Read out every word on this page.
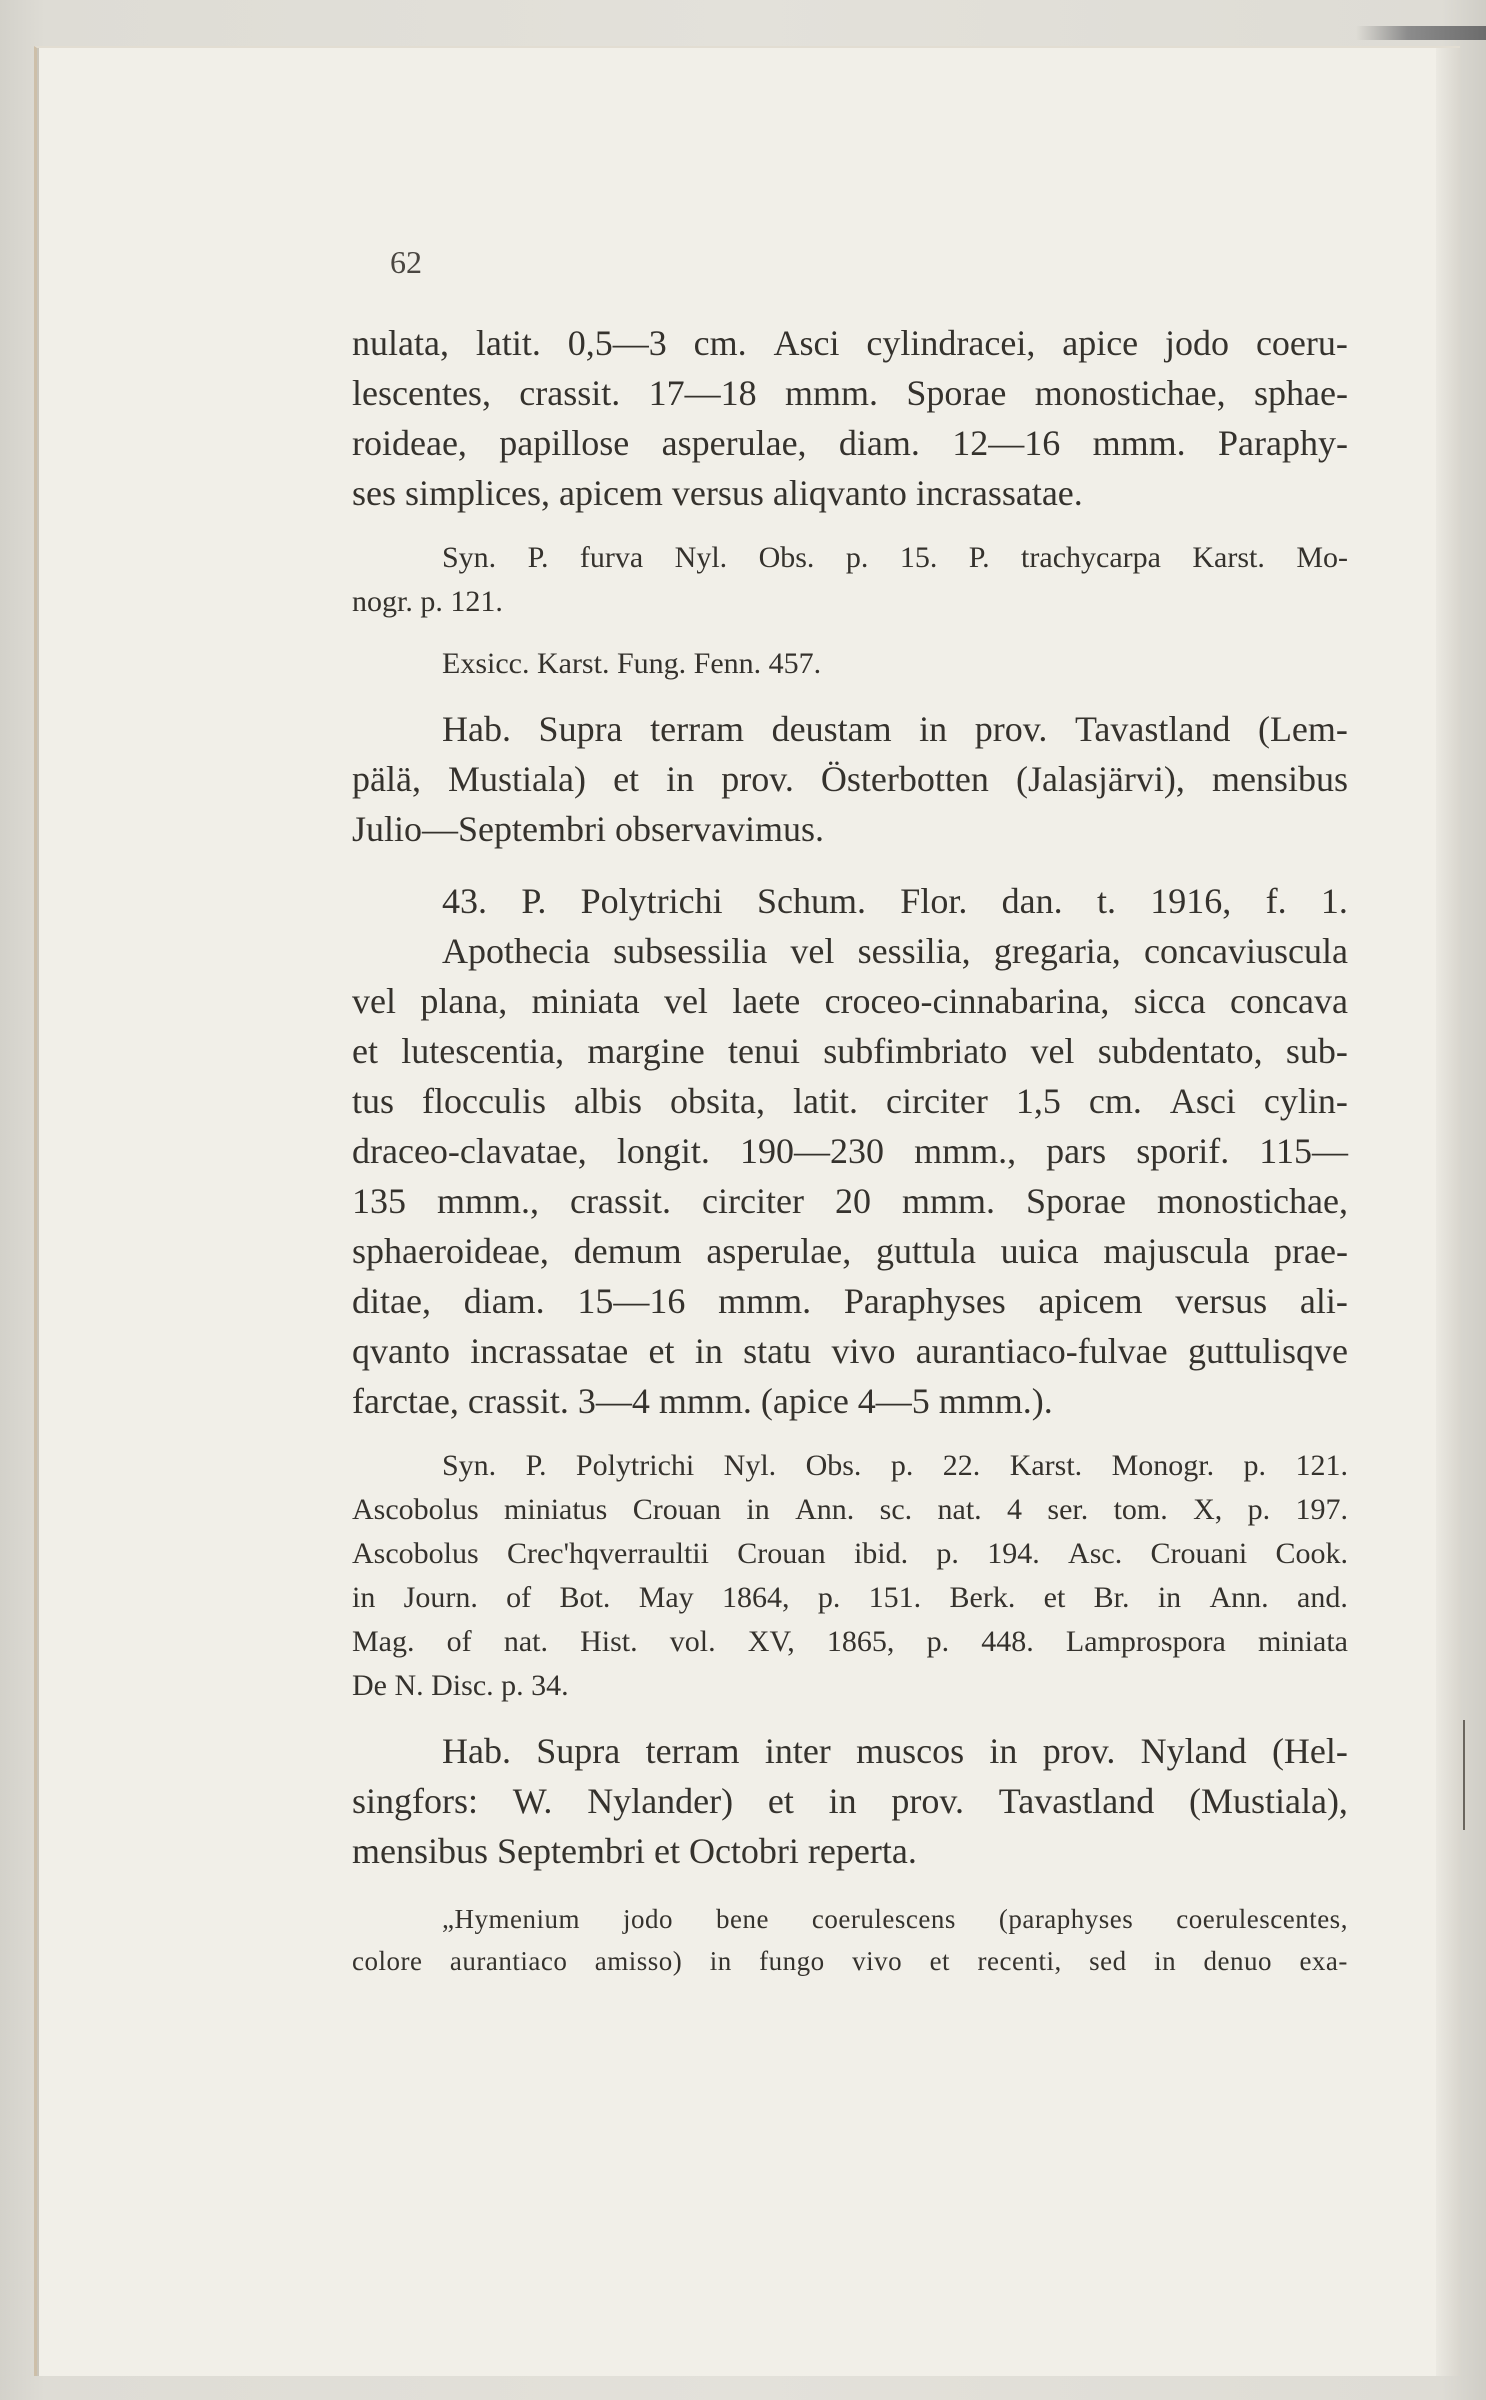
62
nulata, latit. 0,5—3 cm. Asci cylindracei, apice jodo coeru-
lescentes, crassit. 17—18 mmm. Sporae monostichae, sphae-
roideae, papillose asperulae, diam. 12—16 mmm. Paraphy-
ses simplices, apicem versus aliqvanto incrassatae.
Syn. P. furva Nyl. Obs. p. 15. P. trachycarpa Karst. Mo-
nogr. p. 121.
Exsicc. Karst. Fung. Fenn. 457.
Hab. Supra terram deustam in prov. Tavastland (Lem-
pälä, Mustiala) et in prov. Österbotten (Jalasjärvi), mensibus
Julio—Septembri observavimus.
43. P. Polytrichi Schum. Flor. dan. t. 1916, f. 1.
Apothecia subsessilia vel sessilia, gregaria, concaviuscula
vel plana, miniata vel laete croceo-cinnabarina, sicca concava
et lutescentia, margine tenui subfimbriato vel subdentato, sub-
tus flocculis albis obsita, latit. circiter 1,5 cm. Asci cylin-
draceo-clavatae, longit. 190—230 mmm., pars sporif. 115—
135 mmm., crassit. circiter 20 mmm. Sporae monostichae,
sphaeroideae, demum asperulae, guttula uuica majuscula prae-
ditae, diam. 15—16 mmm. Paraphyses apicem versus ali-
qvanto incrassatae et in statu vivo aurantiaco-fulvae guttulisqve
farctae, crassit. 3—4 mmm. (apice 4—5 mmm.).
Syn. P. Polytrichi Nyl. Obs. p. 22. Karst. Monogr. p. 121.
Ascobolus miniatus Crouan in Ann. sc. nat. 4 ser. tom. X, p. 197.
Ascobolus Crec'hqverraultii Crouan ibid. p. 194. Asc. Crouani Cook.
in Journ. of Bot. May 1864, p. 151. Berk. et Br. in Ann. and.
Mag. of nat. Hist. vol. XV, 1865, p. 448. Lamprospora miniata
De N. Disc. p. 34.
Hab. Supra terram inter muscos in prov. Nyland (Hel-
singfors: W. Nylander) et in prov. Tavastland (Mustiala),
mensibus Septembri et Octobri reperta.
„Hymenium jodo bene coerulescens (paraphyses coerulescentes,
colore aurantiaco amisso) in fungo vivo et recenti, sed in denuo exa-
